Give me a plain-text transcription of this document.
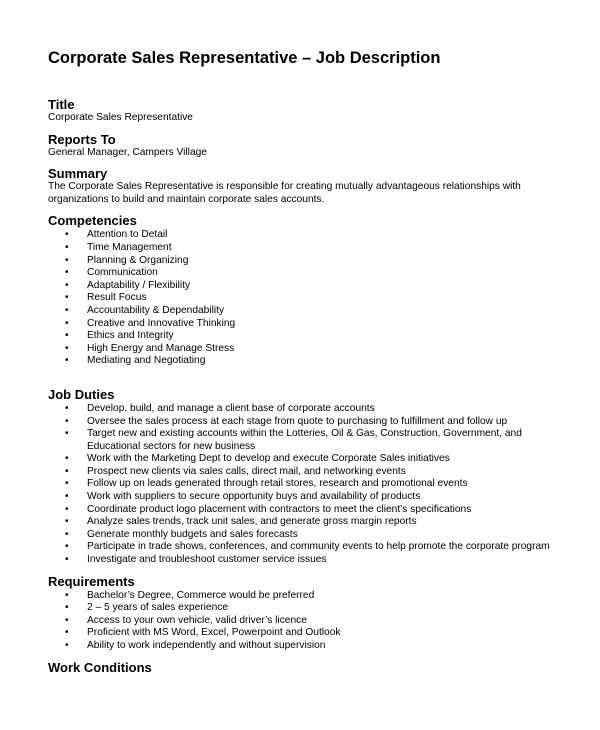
Corporate Sales Representative – Job Description
Title

Corporate Sales Representative

Reports To

General Manager, Campers Village

Summary

The Corporate Sales Representative is responsible for creating mutually advantageous relationships with organizations to build and maintain corporate sales accounts.

Competencies
• Attention to Detail
• Time Management
• Planning & Organizing
• Communication
• Adaptability / Flexibility
• Result Focus
• Accountability & Dependability
• Creative and Innovative Thinking
• Ethics and Integrity
• High Energy and Manage Stress
• Mediating and Negotiating
Job Duties
• Develop, build, and manage a client base of corporate accounts
• Oversee the sales process at each stage from quote to purchasing to fulfillment and follow up
• Target new and existing accounts within the Lotteries, Oil & Gas, Construction, Government, and Educational sectors for new business
• Work with the Marketing Dept to develop and execute Corporate Sales initiatives
• Prospect new clients via sales calls, direct mail, and networking events
• Follow up on leads generated through retail stores, research and promotional events
• Work with suppliers to secure opportunity buys and availability of products
• Coordinate product logo placement with contractors to meet the client’s specifications
• Analyze sales trends, track unit sales, and generate gross margin reports
• Generate monthly budgets and sales forecasts
• Participate in trade shows, conferences, and community events to help promote the corporate program
• Investigate and troubleshoot customer service issues
Requirements
• Bachelor’s Degree, Commerce would be preferred
• 2 – 5 years of sales experience
• Access to your own vehicle, valid driver’s licence
• Proficient with MS Word, Excel, Powerpoint and Outlook
• Ability to work independently and without supervision
Work Conditions
